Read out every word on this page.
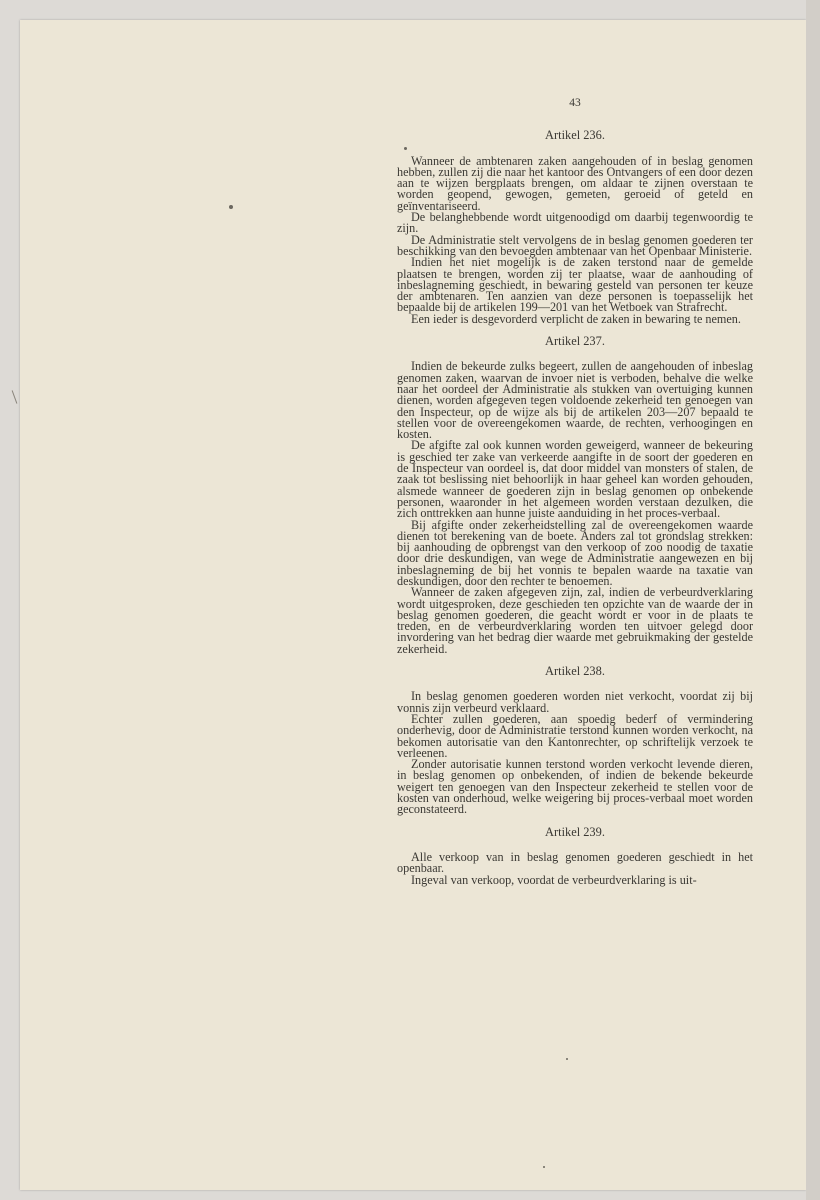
43
Artikel 236.

Wanneer de ambtenaren zaken aangehouden of in beslag genomen hebben, zullen zij die naar het kantoor des Ontvangers of een door dezen aan te wijzen bergplaats brengen, om aldaar te zijnen overstaan te worden geopend, gewogen, gemeten, geroeid of geteld en geïnventariseerd.

De belanghebbende wordt uitgenoodigd om daarbij tegenwoordig te zijn.

De Administratie stelt vervolgens de in beslag genomen goederen ter beschikking van den bevoegden ambtenaar van het Openbaar Ministerie.

Indien het niet mogelijk is de zaken terstond naar de gemelde plaatsen te brengen, worden zij ter plaatse, waar de aanhouding of inbeslagneming geschiedt, in bewaring gesteld van personen ter keuze der ambtenaren. Ten aanzien van deze personen is toepasselijk het bepaalde bij de artikelen 199—201 van het Wetboek van Strafrecht.

Een ieder is desgevorderd verplicht de zaken in bewaring te nemen.

Artikel 237.

Indien de bekeurde zulks begeert, zullen de aangehouden of inbeslag genomen zaken, waarvan de invoer niet is verboden, behalve die welke naar het oordeel der Administratie als stukken van overtuiging kunnen dienen, worden afgegeven tegen voldoende zekerheid ten genoegen van den Inspecteur, op de wijze als bij de artikelen 203—207 bepaald te stellen voor de overeengekomen waarde, de rechten, verhoogingen en kosten.

De afgifte zal ook kunnen worden geweigerd, wanneer de bekeuring is geschied ter zake van verkeerde aangifte in de soort der goederen en de Inspecteur van oordeel is, dat door middel van monsters of stalen, de zaak tot beslissing niet behoorlijk in haar geheel kan worden gehouden, alsmede wanneer de goederen zijn in beslag genomen op onbekende personen, waaronder in het algemeen worden verstaan dezulken, die zich onttrekken aan hunne juiste aanduiding in het proces-verbaal.

Bij afgifte onder zekerheidstelling zal de overeengekomen waarde dienen tot berekening van de boete. Anders zal tot grondslag strekken: bij aanhouding de opbrengst van den verkoop of zoo noodig de taxatie door drie deskundigen, van wege de Administratie aangewezen en bij inbeslagneming de bij het vonnis te bepalen waarde na taxatie van deskundigen, door den rechter te benoemen.

Wanneer de zaken afgegeven zijn, zal, indien de verbeurdverklaring wordt uitgesproken, deze geschieden ten opzichte van de waarde der in beslag genomen goederen, die geacht wordt er voor in de plaats te treden, en de verbeurdverklaring worden ten uitvoer gelegd door invordering van het bedrag dier waarde met gebruikmaking der gestelde zekerheid.

Artikel 238.

In beslag genomen goederen worden niet verkocht, voordat zij bij vonnis zijn verbeurd verklaard.

Echter zullen goederen, aan spoedig bederf of vermindering onderhevig, door de Administratie terstond kunnen worden verkocht, na bekomen autorisatie van den Kantonrechter, op schriftelijk verzoek te verleenen.

Zonder autorisatie kunnen terstond worden verkocht levende dieren, in beslag genomen op onbekenden, of indien de bekende bekeurde weigert ten genoegen van den Inspecteur zekerheid te stellen voor de kosten van onderhoud, welke weigering bij proces-verbaal moet worden geconstateerd.

Artikel 239.

Alle verkoop van in beslag genomen goederen geschiedt in het openbaar.

Ingeval van verkoop, voordat de verbeurdverklaring is uit-
